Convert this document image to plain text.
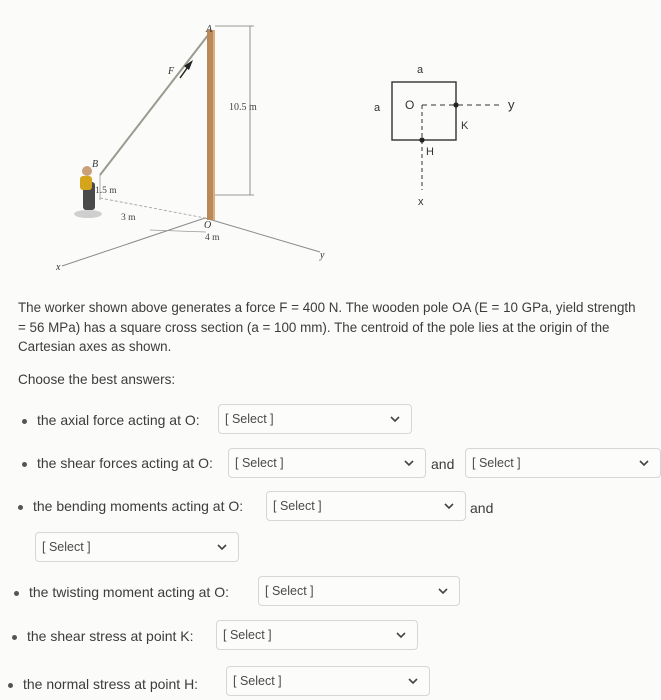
A
F
10.5 m
B
1.5 m
3 m
O
4 m
x
y
a
a O	y
K
H
x

The worker shown above generates a force F = 400 N. The wooden pole OA (E = 10 GPa, yield strength = 56 MPa) has a square cross section (a = 100 mm). The centroid of the pole lies at the origin of the Cartesian axes as shown.

Choose the best answers:

the axial force acting at O: [ Select ]
the shear forces acting at O: [ Select ]	and [ Select ]
the bending moments acting at O: [ Select ]	and
[ Select ]
the twisting moment acting at O:	[ Select ]
the shear stress at point K: [ Select ]
the normal stress at point H:	[ Select ]
